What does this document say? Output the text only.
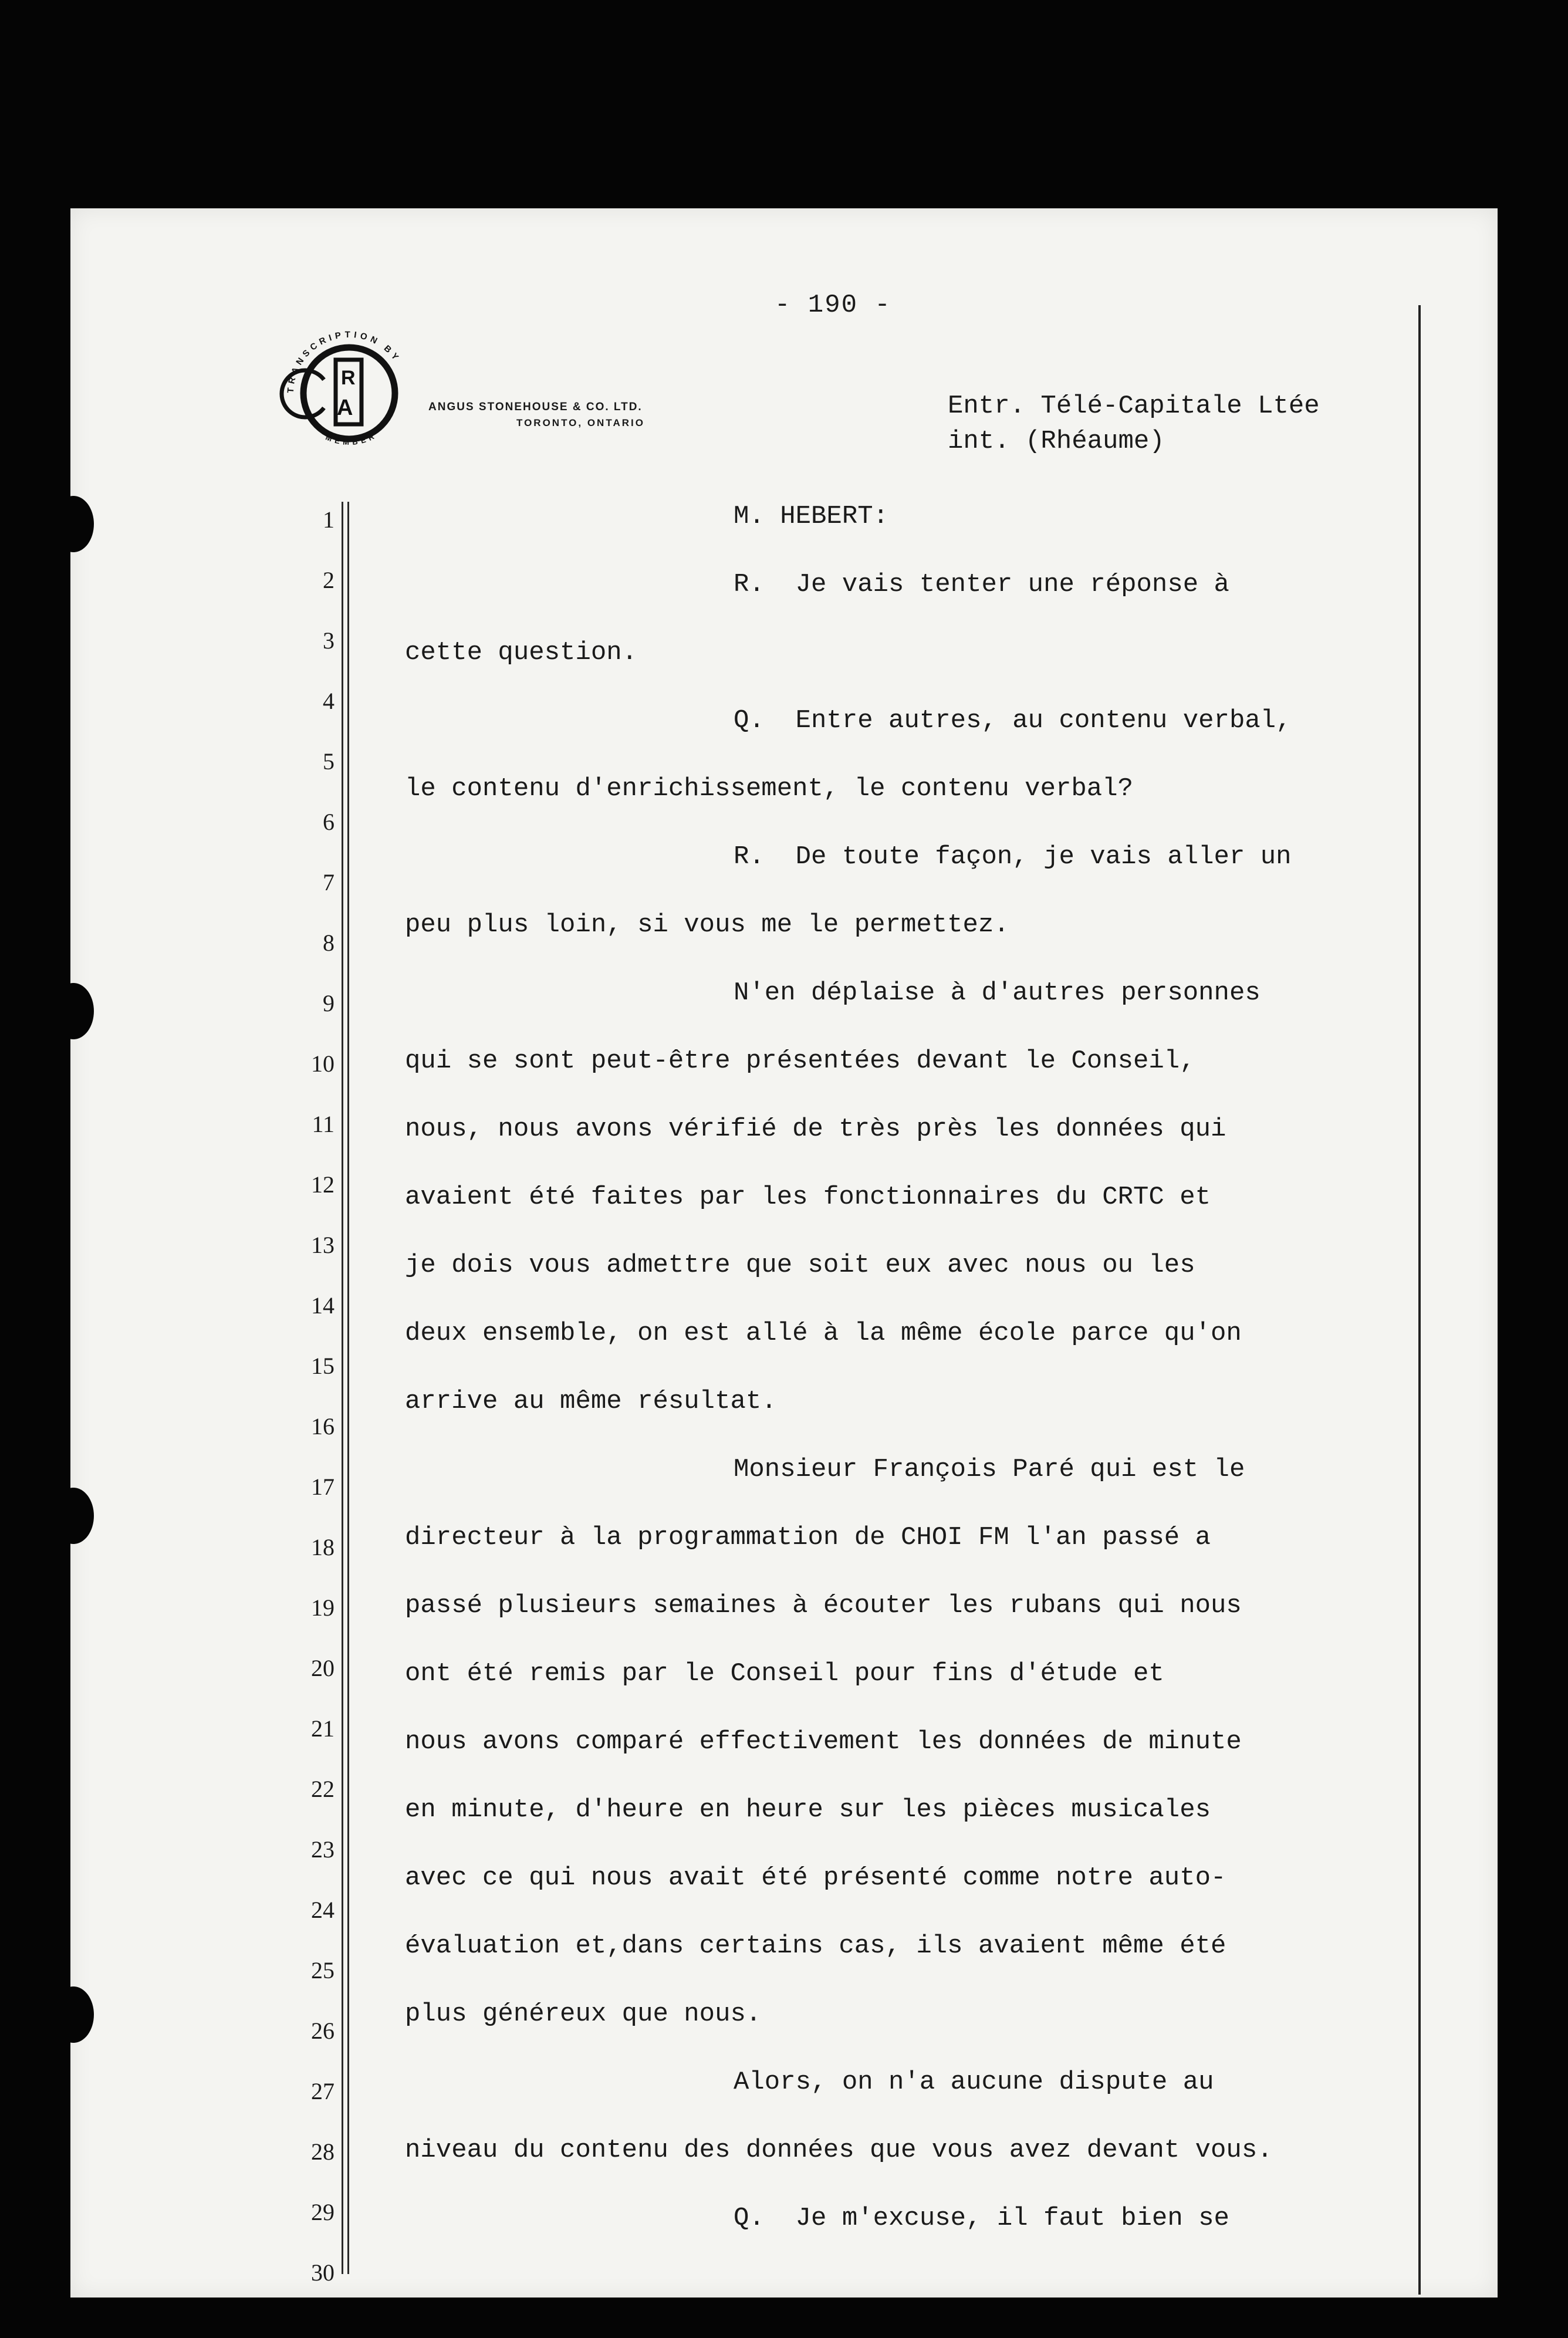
- 190 -
R
A
TRANSCRIPTION BY
MEMBER
ANGUS STONEHOUSE & CO. LTD.
TORONTO, ONTARIO
Entr. Télé-Capitale Ltée
int. (Rhéaume)
1
2
3
4
5
6
7
8
9
10
11
12
13
14
15
16
17
18
19
20
21
22
23
24
25
26
27
28
29
30
M. HEBERT:
R.  Je vais tenter une réponse à
cette question.
Q.  Entre autres, au contenu verbal,
le contenu d'enrichissement, le contenu verbal?
R.  De toute façon, je vais aller un
peu plus loin, si vous me le permettez.
N'en déplaise à d'autres personnes
qui se sont peut-être présentées devant le Conseil,
nous, nous avons vérifié de très près les données qui
avaient été faites par les fonctionnaires du CRTC et
je dois vous admettre que soit eux avec nous ou les
deux ensemble, on est allé à la même école parce qu'on
arrive au même résultat.
Monsieur François Paré qui est le
directeur à la programmation de CHOI FM l'an passé a
passé plusieurs semaines à écouter les rubans qui nous
ont été remis par le Conseil pour fins d'étude et
nous avons comparé effectivement les données de minute
en minute, d'heure en heure sur les pièces musicales
avec ce qui nous avait été présenté comme notre auto-
évaluation et,dans certains cas, ils avaient même été
plus généreux que nous.
Alors, on n'a aucune dispute au
niveau du contenu des données que vous avez devant vous.
Q.  Je m'excuse, il faut bien se
